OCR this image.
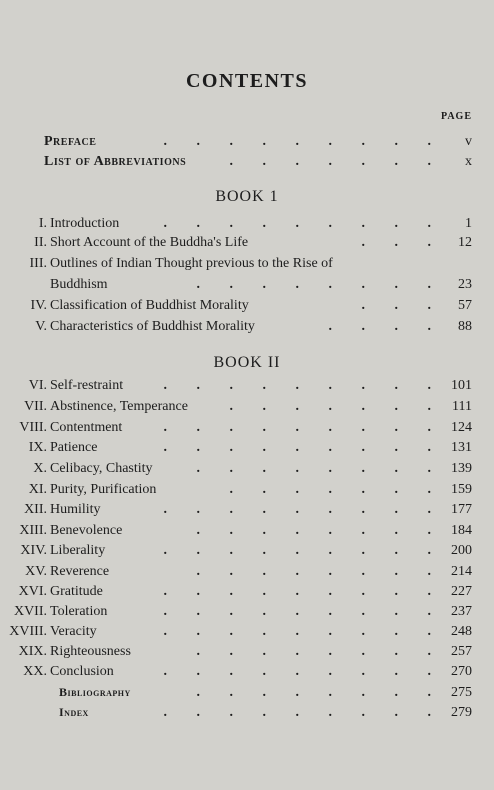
CONTENTS
PAGE
Preface	. . . . . . . . . v
List of Abbreviations	. . . . . . . x
BOOK 1
I. Introduction	. . . . . . . . . 1
II. Short Account of the Buddha's Life	. . . 12
III. Outlines of Indian Thought previous to the Rise of
Buddhism	. . . . . . . . 23
IV. Classification of Buddhist Morality	. . . 57
V. Characteristics of Buddhist Morality	. . . . 88
BOOK II
VI. Self-restraint	. . . . . . . . . 101
VII. Abstinence, Temperance	. . . . . . . 111
VIII. Contentment	. . . . . . . . . 124
IX. Patience	. . . . . . . . . 131
X. Celibacy, Chastity	. . . . . . . . 139
XI. Purity, Purification	. . . . . . . 159
XII. Humility	. . . . . . . . . 177
XIII. Benevolence	. . . . . . . . 184
XIV. Liberality	. . . . . . . . . 200
XV. Reverence	. . . . . . . . 214
XVI. Gratitude	. . . . . . . . . 227
XVII. Toleration	. . . . . . . . . 237
XVIII. Veracity	. . . . . . . . . 248
XIX. Righteousness	. . . . . . . . 257
XX. Conclusion	. . . . . . . . . 270
Bibliography	. . . . . . . . 275
Index	. . . . . . . . . 279
